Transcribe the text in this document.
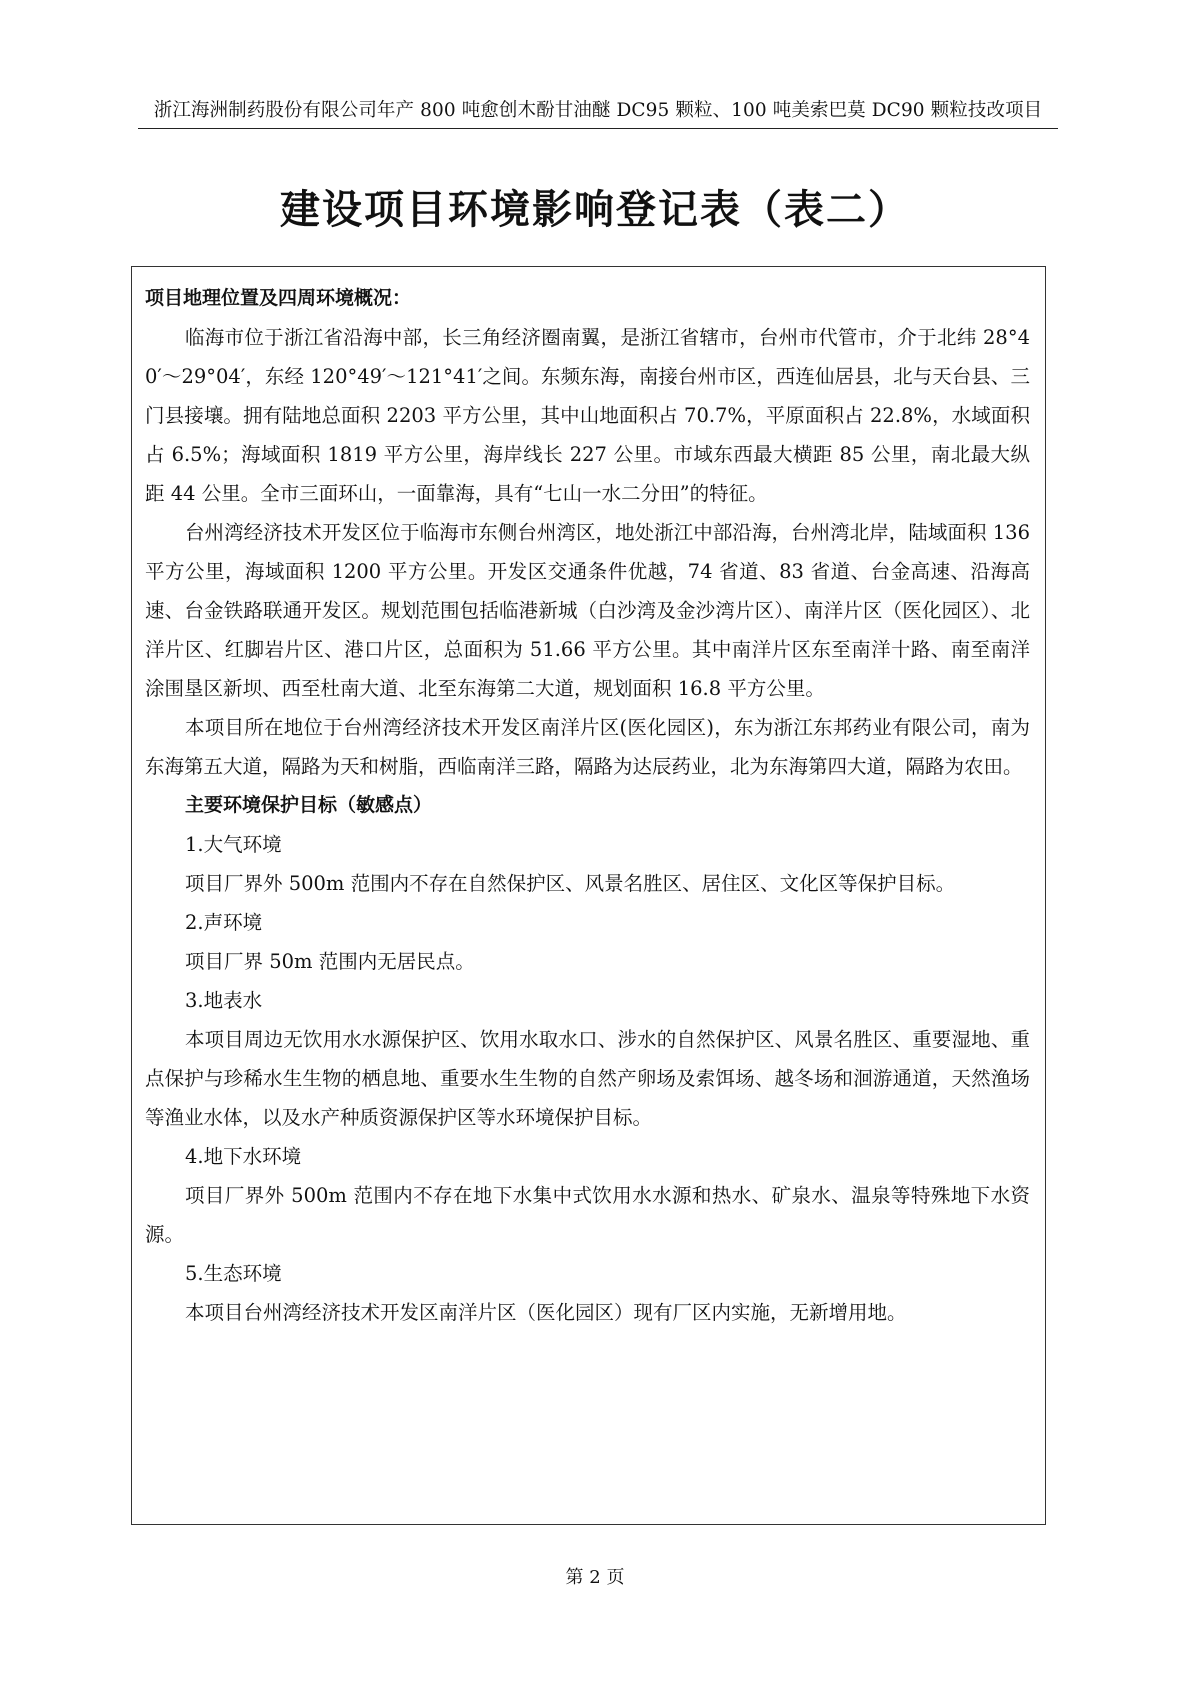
浙江海洲制药股份有限公司年产 800 吨愈创木酚甘油醚 DC95 颗粒、100 吨美索巴莫 DC90 颗粒技改项目
建设项目环境影响登记表（表二）

项目地理位置及四周环境概况：

临海市位于浙江省沿海中部，长三角经济圈南翼，是浙江省辖市，台州市代管市，介于北纬 28°40′～29°04′，东经 120°49′～121°41′之间。东频东海，南接台州市区，西连仙居县，北与天台县、三门县接壤。拥有陆地总面积 2203 平方公里，其中山地面积占 70.7%，平原面积占 22.8%，水域面积占 6.5%；海域面积 1819 平方公里，海岸线长 227 公里。市域东西最大横距 85 公里，南北最大纵距 44 公里。全市三面环山，一面靠海，具有“七山一水二分田”的特征。

台州湾经济技术开发区位于临海市东侧台州湾区，地处浙江中部沿海，台州湾北岸，陆域面积 136 平方公里，海域面积 1200 平方公里。开发区交通条件优越，74 省道、83 省道、台金高速、沿海高速、台金铁路联通开发区。规划范围包括临港新城（白沙湾及金沙湾片区）、南洋片区（医化园区）、北洋片区、红脚岩片区、港口片区，总面积为 51.66 平方公里。其中南洋片区东至南洋十路、南至南洋涂围垦区新坝、西至杜南大道、北至东海第二大道，规划面积 16.8 平方公里。

本项目所在地位于台州湾经济技术开发区南洋片区(医化园区)，东为浙江东邦药业有限公司，南为东海第五大道，隔路为天和树脂，西临南洋三路，隔路为达辰药业，北为东海第四大道，隔路为农田。

主要环境保护目标（敏感点）

1.大气环境

项目厂界外 500m 范围内不存在自然保护区、风景名胜区、居住区、文化区等保护目标。

2.声环境

项目厂界 50m 范围内无居民点。

3.地表水

本项目周边无饮用水水源保护区、饮用水取水口、涉水的自然保护区、风景名胜区、重要湿地、重点保护与珍稀水生生物的栖息地、重要水生生物的自然产卵场及索饵场、越冬场和洄游通道，天然渔场等渔业水体，以及水产种质资源保护区等水环境保护目标。

4.地下水环境

项目厂界外 500m 范围内不存在地下水集中式饮用水水源和热水、矿泉水、温泉等特殊地下水资源。

5.生态环境

本项目台州湾经济技术开发区南洋片区（医化园区）现有厂区内实施，无新增用地。

第 2 页
